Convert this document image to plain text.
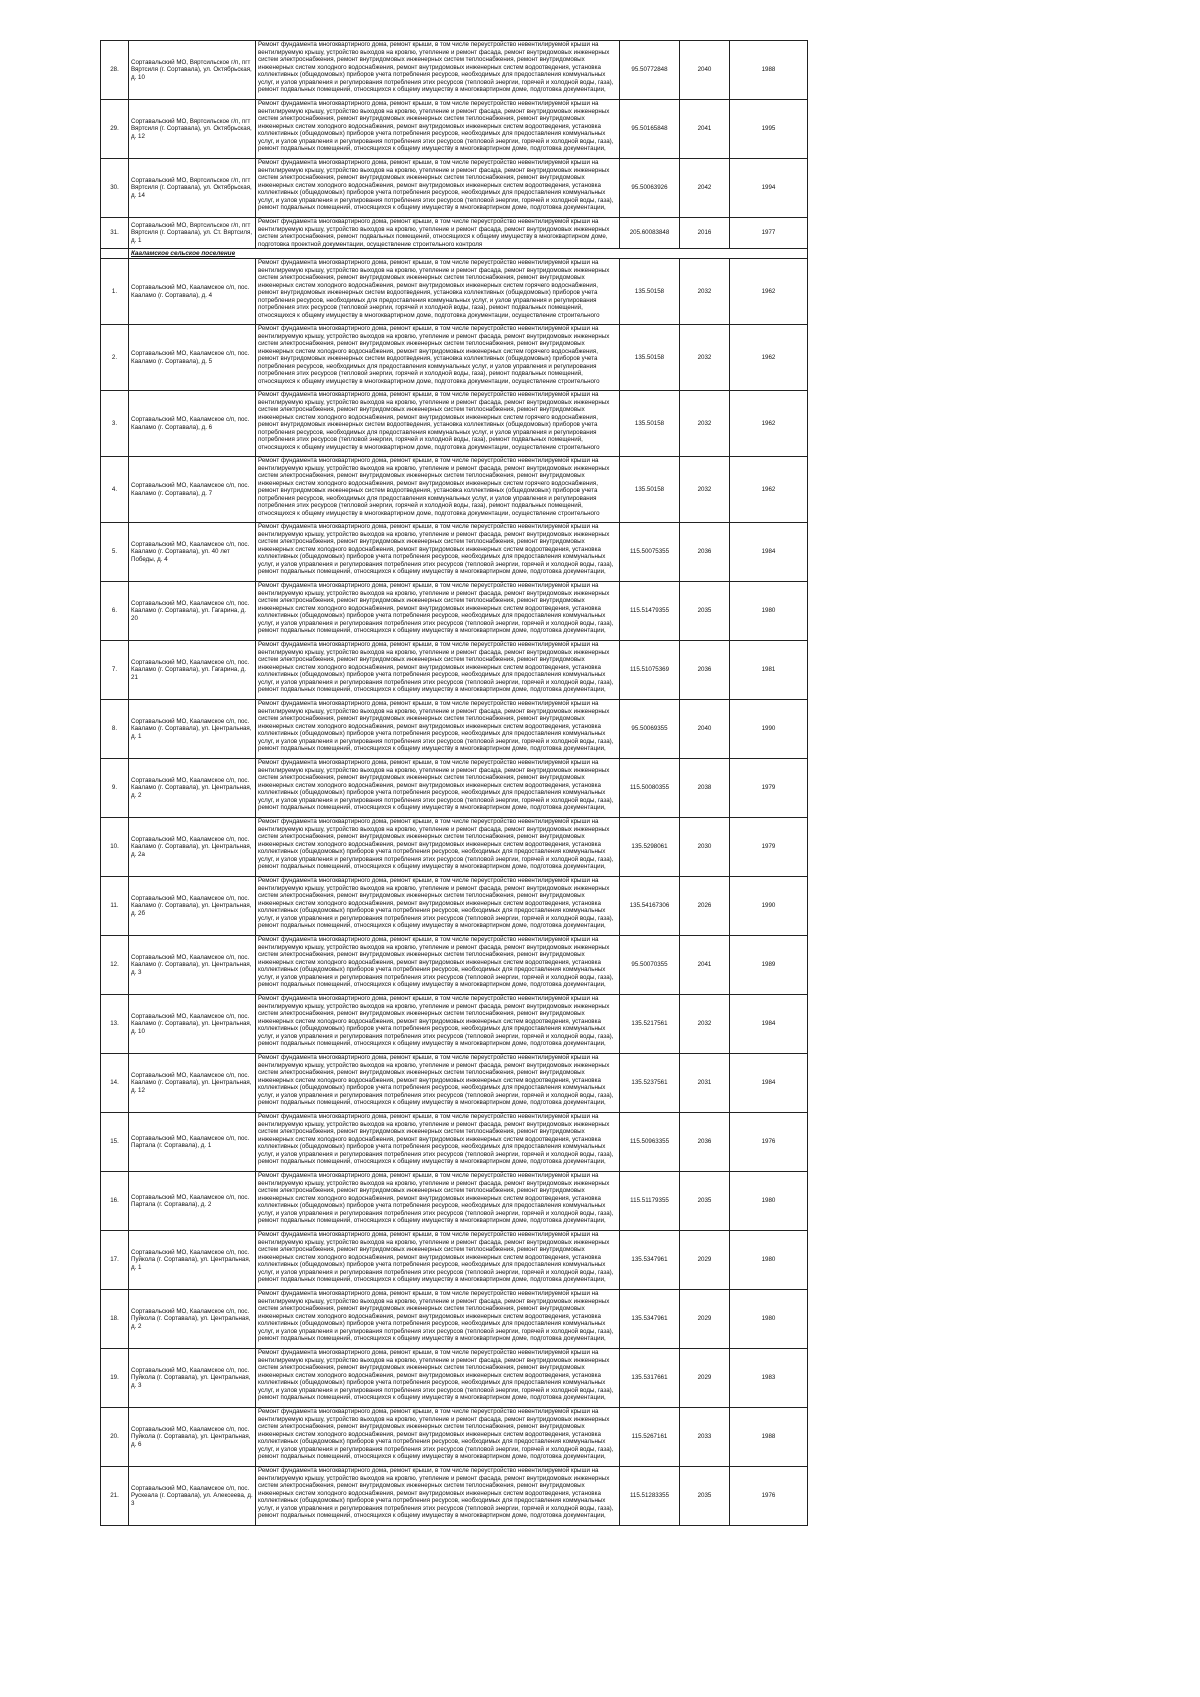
28.	Сортавальский МО, Вяртсильское г/п, пгт Вяртсиля (г. Сортавала), ул. Октябрьская, д. 10	Ремонт фундамента многоквартирного дома, ремонт крыши, в том числе переустройство невентилируемой крыши на вентилируемую крышу, устройство выходов на кровлю, утепление и ремонт фасада, ремонт внутридомовых инженерных систем электроснабжения, ремонт внутридомовых инженерных систем теплоснабжения, ремонт внутридомовых инженерных систем холодного водоснабжения, ремонт внутридомовых инженерных систем водоотведения, установка коллективных (общедомовых) приборов учета потребления ресурсов, необходимых для предоставления коммунальных услуг, и узлов управления и регулирования потребления этих ресурсов (тепловой энергии, горячей и холодной воды, газа), ремонт подвальных помещений, относящихся к общему имуществу в многоквартирном доме, подготовка документации,	95.50772848	2040	1988
29.	Сортавальский МО, Вяртсильское г/п, пгт Вяртсиля (г. Сортавала), ул. Октябрьская, д. 12	Ремонт фундамента многоквартирного дома, ремонт крыши, в том числе переустройство невентилируемой крыши на вентилируемую крышу, устройство выходов на кровлю, утепление и ремонт фасада, ремонт внутридомовых инженерных систем электроснабжения, ремонт внутридомовых инженерных систем теплоснабжения, ремонт внутридомовых инженерных систем холодного водоснабжения, ремонт внутридомовых инженерных систем водоотведения, установка коллективных (общедомовых) приборов учета потребления ресурсов, необходимых для предоставления коммунальных услуг, и узлов управления и регулирования потребления этих ресурсов (тепловой энергии, горячей и холодной воды, газа), ремонт подвальных помещений, относящихся к общему имуществу в многоквартирном доме, подготовка документации,	95.50165848	2041	1995
30.	Сортавальский МО, Вяртсильское г/п, пгт Вяртсиля (г. Сортавала), ул. Октябрьская, д. 14	Ремонт фундамента многоквартирного дома, ремонт крыши, в том числе переустройство невентилируемой крыши на вентилируемую крышу, устройство выходов на кровлю, утепление и ремонт фасада, ремонт внутридомовых инженерных систем электроснабжения, ремонт внутридомовых инженерных систем теплоснабжения, ремонт внутридомовых инженерных систем холодного водоснабжения, ремонт внутридомовых инженерных систем водоотведения, установка коллективных (общедомовых) приборов учета потребления ресурсов, необходимых для предоставления коммунальных услуг, и узлов управления и регулирования потребления этих ресурсов (тепловой энергии, горячей и холодной воды, газа), ремонт подвальных помещений, относящихся к общему имуществу в многоквартирном доме, подготовка документации,	95.50063926	2042	1994
31.	Сортавальский МО, Вяртсильское г/п, пгт Вяртсиля (г. Сортавала), ул. Ст. Вяртсиля, д. 1	Ремонт фундамента многоквартирного дома, ремонт крыши, в том числе переустройство невентилируемой крыши на вентилируемую крышу, устройство выходов на кровлю, утепление и ремонт фасада, ремонт внутридомовых инженерных систем электроснабжения, ремонт подвальных помещений, относящихся к общему имуществу в многоквартирном доме, подготовка проектной документации, осуществление строительного контроля	205.60083848	2016	1977
	Кааламское сельское поселение				
1.	Сортавальский МО, Кааламское с/п, пос. Кааламо (г. Сортавала), д. 4	Ремонт фундамента многоквартирного дома, ремонт крыши, в том числе переустройство невентилируемой крыши на вентилируемую крышу, устройство выходов на кровлю, утепление и ремонт фасада, ремонт внутридомовых инженерных систем электроснабжения, ремонт внутридомовых инженерных систем теплоснабжения, ремонт внутридомовых инженерных систем холодного водоснабжения, ремонт внутридомовых инженерных систем горячего водоснабжения, ремонт внутридомовых инженерных систем водоотведения, установка коллективных (общедомовых) приборов учета потребления ресурсов, необходимых для предоставления коммунальных услуг, и узлов управления и регулирования потребления этих ресурсов (тепловой энергии, горячей и холодной воды, газа), ремонт подвальных помещений, относящихся к общему имуществу в многоквартирном доме, подготовка документации, осуществление строительного	135.50158	2032	1962
2.	Сортавальский МО, Кааламское с/п, пос. Кааламо (г. Сортавала), д. 5	Ремонт фундамента многоквартирного дома, ремонт крыши, в том числе переустройство невентилируемой крыши на вентилируемую крышу, устройство выходов на кровлю, утепление и ремонт фасада, ремонт внутридомовых инженерных систем электроснабжения, ремонт внутридомовых инженерных систем теплоснабжения, ремонт внутридомовых инженерных систем холодного водоснабжения, ремонт внутридомовых инженерных систем горячего водоснабжения, ремонт внутридомовых инженерных систем водоотведения, установка коллективных (общедомовых) приборов учета потребления ресурсов, необходимых для предоставления коммунальных услуг, и узлов управления и регулирования потребления этих ресурсов (тепловой энергии, горячей и холодной воды, газа), ремонт подвальных помещений, относящихся к общему имуществу в многоквартирном доме, подготовка документации, осуществление строительного	135.50158	2032	1962
3.	Сортавальский МО, Кааламское с/п, пос. Кааламо (г. Сортавала), д. 6	Ремонт фундамента многоквартирного дома, ремонт крыши, в том числе переустройство невентилируемой крыши на вентилируемую крышу, устройство выходов на кровлю, утепление и ремонт фасада, ремонт внутридомовых инженерных систем электроснабжения, ремонт внутридомовых инженерных систем теплоснабжения, ремонт внутридомовых инженерных систем холодного водоснабжения, ремонт внутридомовых инженерных систем горячего водоснабжения, ремонт внутридомовых инженерных систем водоотведения, установка коллективных (общедомовых) приборов учета потребления ресурсов, необходимых для предоставления коммунальных услуг, и узлов управления и регулирования потребления этих ресурсов (тепловой энергии, горячей и холодной воды, газа), ремонт подвальных помещений, относящихся к общему имуществу в многоквартирном доме, подготовка документации, осуществление строительного	135.50158	2032	1962
4.	Сортавальский МО, Кааламское с/п, пос. Кааламо (г. Сортавала), д. 7	Ремонт фундамента многоквартирного дома, ремонт крыши, в том числе переустройство невентилируемой крыши на вентилируемую крышу, устройство выходов на кровлю, утепление и ремонт фасада, ремонт внутридомовых инженерных систем электроснабжения, ремонт внутридомовых инженерных систем теплоснабжения, ремонт внутридомовых инженерных систем холодного водоснабжения, ремонт внутридомовых инженерных систем горячего водоснабжения, ремонт внутридомовых инженерных систем водоотведения, установка коллективных (общедомовых) приборов учета потребления ресурсов, необходимых для предоставления коммунальных услуг, и узлов управления и регулирования потребления этих ресурсов (тепловой энергии, горячей и холодной воды, газа), ремонт подвальных помещений, относящихся к общему имуществу в многоквартирном доме, подготовка документации, осуществление строительного	135.50158	2032	1962
5.	Сортавальский МО, Кааламское с/п, пос. Кааламо (г. Сортавала), ул. 40 лет Победы, д. 4	Ремонт фундамента многоквартирного дома, ремонт крыши, в том числе переустройство невентилируемой крыши на вентилируемую крышу, устройство выходов на кровлю, утепление и ремонт фасада, ремонт внутридомовых инженерных систем электроснабжения, ремонт внутридомовых инженерных систем теплоснабжения, ремонт внутридомовых инженерных систем холодного водоснабжения, ремонт внутридомовых инженерных систем водоотведения, установка коллективных (общедомовых) приборов учета потребления ресурсов, необходимых для предоставления коммунальных услуг, и узлов управления и регулирования потребления этих ресурсов (тепловой энергии, горячей и холодной воды, газа), ремонт подвальных помещений, относящихся к общему имуществу в многоквартирном доме, подготовка документации,	115.50075355	2036	1984
6.	Сортавальский МО, Кааламское с/п, пос. Кааламо (г. Сортавала), ул. Гагарина, д. 20	Ремонт фундамента многоквартирного дома, ремонт крыши, в том числе переустройство невентилируемой крыши на вентилируемую крышу, устройство выходов на кровлю, утепление и ремонт фасада, ремонт внутридомовых инженерных систем электроснабжения, ремонт внутридомовых инженерных систем теплоснабжения, ремонт внутридомовых инженерных систем холодного водоснабжения, ремонт внутридомовых инженерных систем водоотведения, установка коллективных (общедомовых) приборов учета потребления ресурсов, необходимых для предоставления коммунальных услуг, и узлов управления и регулирования потребления этих ресурсов (тепловой энергии, горячей и холодной воды, газа), ремонт подвальных помещений, относящихся к общему имуществу в многоквартирном доме, подготовка документации,	115.51479355	2035	1980
7.	Сортавальский МО, Кааламское с/п, пос. Кааламо (г. Сортавала), ул. Гагарина, д. 21	Ремонт фундамента многоквартирного дома, ремонт крыши, в том числе переустройство невентилируемой крыши на вентилируемую крышу, устройство выходов на кровлю, утепление и ремонт фасада, ремонт внутридомовых инженерных систем электроснабжения, ремонт внутридомовых инженерных систем теплоснабжения, ремонт внутридомовых инженерных систем холодного водоснабжения, ремонт внутридомовых инженерных систем водоотведения, установка коллективных (общедомовых) приборов учета потребления ресурсов, необходимых для предоставления коммунальных услуг, и узлов управления и регулирования потребления этих ресурсов (тепловой энергии, горячей и холодной воды, газа), ремонт подвальных помещений, относящихся к общему имуществу в многоквартирном доме, подготовка документации,	115.51075369	2036	1981
8.	Сортавальский МО, Кааламское с/п, пос. Кааламо (г. Сортавала), ул. Центральная, д. 1	Ремонт фундамента многоквартирного дома, ремонт крыши, в том числе переустройство невентилируемой крыши на вентилируемую крышу, устройство выходов на кровлю, утепление и ремонт фасада, ремонт внутридомовых инженерных систем электроснабжения, ремонт внутридомовых инженерных систем теплоснабжения, ремонт внутридомовых инженерных систем холодного водоснабжения, ремонт внутридомовых инженерных систем водоотведения, установка коллективных (общедомовых) приборов учета потребления ресурсов, необходимых для предоставления коммунальных услуг, и узлов управления и регулирования потребления этих ресурсов (тепловой энергии, горячей и холодной воды, газа), ремонт подвальных помещений, относящихся к общему имуществу в многоквартирном доме, подготовка документации,	95.50069355	2040	1990
9.	Сортавальский МО, Кааламское с/п, пос. Кааламо (г. Сортавала), ул. Центральная, д. 2	Ремонт фундамента многоквартирного дома, ремонт крыши, в том числе переустройство невентилируемой крыши на вентилируемую крышу, устройство выходов на кровлю, утепление и ремонт фасада, ремонт внутридомовых инженерных систем электроснабжения, ремонт внутридомовых инженерных систем теплоснабжения, ремонт внутридомовых инженерных систем холодного водоснабжения, ремонт внутридомовых инженерных систем водоотведения, установка коллективных (общедомовых) приборов учета потребления ресурсов, необходимых для предоставления коммунальных услуг, и узлов управления и регулирования потребления этих ресурсов (тепловой энергии, горячей и холодной воды, газа), ремонт подвальных помещений, относящихся к общему имуществу в многоквартирном доме, подготовка документации,	115.50080355	2038	1979
10.	Сортавальский МО, Кааламское с/п, пос. Кааламо (г. Сортавала), ул. Центральная, д. 2а	Ремонт фундамента многоквартирного дома, ремонт крыши, в том числе переустройство невентилируемой крыши на вентилируемую крышу, устройство выходов на кровлю, утепление и ремонт фасада, ремонт внутридомовых инженерных систем электроснабжения, ремонт внутридомовых инженерных систем теплоснабжения, ремонт внутридомовых инженерных систем холодного водоснабжения, ремонт внутридомовых инженерных систем водоотведения, установка коллективных (общедомовых) приборов учета потребления ресурсов, необходимых для предоставления коммунальных услуг, и узлов управления и регулирования потребления этих ресурсов (тепловой энергии, горячей и холодной воды, газа), ремонт подвальных помещений, относящихся к общему имуществу в многоквартирном доме, подготовка документации,	135.5298061	2030	1979
11.	Сортавальский МО, Кааламское с/п, пос. Кааламо (г. Сортавала), ул. Центральная, д. 2б	Ремонт фундамента многоквартирного дома, ремонт крыши, в том числе переустройство невентилируемой крыши на вентилируемую крышу, устройство выходов на кровлю, утепление и ремонт фасада, ремонт внутридомовых инженерных систем электроснабжения, ремонт внутридомовых инженерных систем теплоснабжения, ремонт внутридомовых инженерных систем холодного водоснабжения, ремонт внутридомовых инженерных систем водоотведения, установка коллективных (общедомовых) приборов учета потребления ресурсов, необходимых для предоставления коммунальных услуг, и узлов управления и регулирования потребления этих ресурсов (тепловой энергии, горячей и холодной воды, газа), ремонт подвальных помещений, относящихся к общему имуществу в многоквартирном доме, подготовка документации,	135.54167306	2026	1990
12.	Сортавальский МО, Кааламское с/п, пос. Кааламо (г. Сортавала), ул. Центральная, д. 3	Ремонт фундамента многоквартирного дома, ремонт крыши, в том числе переустройство невентилируемой крыши на вентилируемую крышу, устройство выходов на кровлю, утепление и ремонт фасада, ремонт внутридомовых инженерных систем электроснабжения, ремонт внутридомовых инженерных систем теплоснабжения, ремонт внутридомовых инженерных систем холодного водоснабжения, ремонт внутридомовых инженерных систем водоотведения, установка коллективных (общедомовых) приборов учета потребления ресурсов, необходимых для предоставления коммунальных услуг, и узлов управления и регулирования потребления этих ресурсов (тепловой энергии, горячей и холодной воды, газа), ремонт подвальных помещений, относящихся к общему имуществу в многоквартирном доме, подготовка документации,	95.50070355	2041	1989
13.	Сортавальский МО, Кааламское с/п, пос. Кааламо (г. Сортавала), ул. Центральная, д. 10	Ремонт фундамента многоквартирного дома, ремонт крыши, в том числе переустройство невентилируемой крыши на вентилируемую крышу, устройство выходов на кровлю, утепление и ремонт фасада, ремонт внутридомовых инженерных систем электроснабжения, ремонт внутридомовых инженерных систем теплоснабжения, ремонт внутридомовых инженерных систем холодного водоснабжения, ремонт внутридомовых инженерных систем водоотведения, установка коллективных (общедомовых) приборов учета потребления ресурсов, необходимых для предоставления коммунальных услуг, и узлов управления и регулирования потребления этих ресурсов (тепловой энергии, горячей и холодной воды, газа), ремонт подвальных помещений, относящихся к общему имуществу в многоквартирном доме, подготовка документации,	135.5217561	2032	1984
14.	Сортавальский МО, Кааламское с/п, пос. Кааламо (г. Сортавала), ул. Центральная, д. 12	Ремонт фундамента многоквартирного дома, ремонт крыши, в том числе переустройство невентилируемой крыши на вентилируемую крышу, устройство выходов на кровлю, утепление и ремонт фасада, ремонт внутридомовых инженерных систем электроснабжения, ремонт внутридомовых инженерных систем теплоснабжения, ремонт внутридомовых инженерных систем холодного водоснабжения, ремонт внутридомовых инженерных систем водоотведения, установка коллективных (общедомовых) приборов учета потребления ресурсов, необходимых для предоставления коммунальных услуг, и узлов управления и регулирования потребления этих ресурсов (тепловой энергии, горячей и холодной воды, газа), ремонт подвальных помещений, относящихся к общему имуществу в многоквартирном доме, подготовка документации,	135.5237561	2031	1984
15.	Сортавальский МО, Кааламское с/п, пос. Партала (г. Сортавала), д. 1	Ремонт фундамента многоквартирного дома, ремонт крыши, в том числе переустройство невентилируемой крыши на вентилируемую крышу, устройство выходов на кровлю, утепление и ремонт фасада, ремонт внутридомовых инженерных систем электроснабжения, ремонт внутридомовых инженерных систем теплоснабжения, ремонт внутридомовых инженерных систем холодного водоснабжения, ремонт внутридомовых инженерных систем водоотведения, установка коллективных (общедомовых) приборов учета потребления ресурсов, необходимых для предоставления коммунальных услуг, и узлов управления и регулирования потребления этих ресурсов (тепловой энергии, горячей и холодной воды, газа), ремонт подвальных помещений, относящихся к общему имуществу в многоквартирном доме, подготовка документации,	115.50963355	2036	1976
16.	Сортавальский МО, Кааламское с/п, пос. Партала (г. Сортавала), д. 2	Ремонт фундамента многоквартирного дома, ремонт крыши, в том числе переустройство невентилируемой крыши на вентилируемую крышу, устройство выходов на кровлю, утепление и ремонт фасада, ремонт внутридомовых инженерных систем электроснабжения, ремонт внутридомовых инженерных систем теплоснабжения, ремонт внутридомовых инженерных систем холодного водоснабжения, ремонт внутридомовых инженерных систем водоотведения, установка коллективных (общедомовых) приборов учета потребления ресурсов, необходимых для предоставления коммунальных услуг, и узлов управления и регулирования потребления этих ресурсов (тепловой энергии, горячей и холодной воды, газа), ремонт подвальных помещений, относящихся к общему имуществу в многоквартирном доме, подготовка документации,	115.51179355	2035	1980
17.	Сортавальский МО, Кааламское с/п, пос. Пуйкола (г. Сортавала), ул. Центральная, д. 1	Ремонт фундамента многоквартирного дома, ремонт крыши, в том числе переустройство невентилируемой крыши на вентилируемую крышу, устройство выходов на кровлю, утепление и ремонт фасада, ремонт внутридомовых инженерных систем электроснабжения, ремонт внутридомовых инженерных систем теплоснабжения, ремонт внутридомовых инженерных систем холодного водоснабжения, ремонт внутридомовых инженерных систем водоотведения, установка коллективных (общедомовых) приборов учета потребления ресурсов, необходимых для предоставления коммунальных услуг, и узлов управления и регулирования потребления этих ресурсов (тепловой энергии, горячей и холодной воды, газа), ремонт подвальных помещений, относящихся к общему имуществу в многоквартирном доме, подготовка документации,	135.5347961	2029	1980
18.	Сортавальский МО, Кааламское с/п, пос. Пуйкола (г. Сортавала), ул. Центральная, д. 2	Ремонт фундамента многоквартирного дома, ремонт крыши, в том числе переустройство невентилируемой крыши на вентилируемую крышу, устройство выходов на кровлю, утепление и ремонт фасада, ремонт внутридомовых инженерных систем электроснабжения, ремонт внутридомовых инженерных систем теплоснабжения, ремонт внутридомовых инженерных систем холодного водоснабжения, ремонт внутридомовых инженерных систем водоотведения, установка коллективных (общедомовых) приборов учета потребления ресурсов, необходимых для предоставления коммунальных услуг, и узлов управления и регулирования потребления этих ресурсов (тепловой энергии, горячей и холодной воды, газа), ремонт подвальных помещений, относящихся к общему имуществу в многоквартирном доме, подготовка документации,	135.5347961	2029	1980
19.	Сортавальский МО, Кааламское с/п, пос. Пуйкола (г. Сортавала), ул. Центральная, д. 3	Ремонт фундамента многоквартирного дома, ремонт крыши, в том числе переустройство невентилируемой крыши на вентилируемую крышу, устройство выходов на кровлю, утепление и ремонт фасада, ремонт внутридомовых инженерных систем электроснабжения, ремонт внутридомовых инженерных систем теплоснабжения, ремонт внутридомовых инженерных систем холодного водоснабжения, ремонт внутридомовых инженерных систем водоотведения, установка коллективных (общедомовых) приборов учета потребления ресурсов, необходимых для предоставления коммунальных услуг, и узлов управления и регулирования потребления этих ресурсов (тепловой энергии, горячей и холодной воды, газа), ремонт подвальных помещений, относящихся к общему имуществу в многоквартирном доме, подготовка документации,	135.5317661	2029	1983
20.	Сортавальский МО, Кааламское с/п, пос. Пуйкола (г. Сортавала), ул. Центральная, д. 6	Ремонт фундамента многоквартирного дома, ремонт крыши, в том числе переустройство невентилируемой крыши на вентилируемую крышу, устройство выходов на кровлю, утепление и ремонт фасада, ремонт внутридомовых инженерных систем электроснабжения, ремонт внутридомовых инженерных систем теплоснабжения, ремонт внутридомовых инженерных систем холодного водоснабжения, ремонт внутридомовых инженерных систем водоотведения, установка коллективных (общедомовых) приборов учета потребления ресурсов, необходимых для предоставления коммунальных услуг, и узлов управления и регулирования потребления этих ресурсов (тепловой энергии, горячей и холодной воды, газа), ремонт подвальных помещений, относящихся к общему имуществу в многоквартирном доме, подготовка документации,	115.5267161	2033	1988
21.	Сортавальский МО, Кааламское с/п, пос. Рускеала (г. Сортавала), ул. Алексеева, д. 3	Ремонт фундамента многоквартирного дома, ремонт крыши, в том числе переустройство невентилируемой крыши на вентилируемую крышу, устройство выходов на кровлю, утепление и ремонт фасада, ремонт внутридомовых инженерных систем электроснабжения, ремонт внутридомовых инженерных систем теплоснабжения, ремонт внутридомовых инженерных систем холодного водоснабжения, ремонт внутридомовых инженерных систем водоотведения, установка коллективных (общедомовых) приборов учета потребления ресурсов, необходимых для предоставления коммунальных услуг, и узлов управления и регулирования потребления этих ресурсов (тепловой энергии, горячей и холодной воды, газа), ремонт подвальных помещений, относящихся к общему имуществу в многоквартирном доме, подготовка документации,	115.51283355	2035	1976
